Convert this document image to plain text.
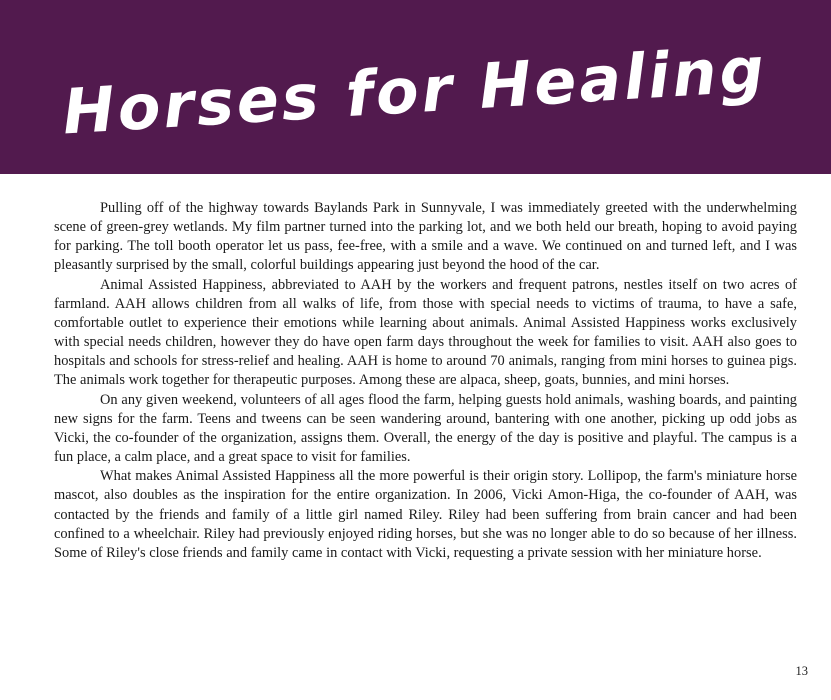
Horses for Healing

Pulling off of the highway towards Baylands Park in Sunnyvale, I was immediately greeted with the underwhelming scene of green-grey wetlands. My film partner turned into the parking lot, and we both held our breath, hoping to avoid paying for parking. The toll booth operator let us pass, fee-free, with a smile and a wave. We continued on and turned left, and I was pleasantly surprised by the small, colorful buildings appearing just beyond the hood of the car.

Animal Assisted Happiness, abbreviated to AAH by the workers and frequent patrons, nestles itself on two acres of farmland. AAH allows children from all walks of life, from those with special needs to victims of trauma, to have a safe, comfortable outlet to experience their emotions while learning about animals. Animal Assisted Happiness works exclusively with special needs children, however they do have open farm days throughout the week for families to visit. AAH also goes to hospitals and schools for stress-relief and healing. AAH is home to around 70 animals, ranging from mini horses to guinea pigs. The animals work together for therapeutic purposes. Among these are alpaca, sheep, goats, bunnies, and mini horses.

On any given weekend, volunteers of all ages flood the farm, helping guests hold animals, washing boards, and painting new signs for the farm. Teens and tweens can be seen wandering around, bantering with one another, picking up odd jobs as Vicki, the co-founder of the organization, assigns them. Overall, the energy of the day is positive and playful. The campus is a fun place, a calm place, and a great space to visit for families.

What makes Animal Assisted Happiness all the more powerful is their origin story. Lollipop, the farm's miniature horse mascot, also doubles as the inspiration for the entire organization. In 2006, Vicki Amon-Higa, the co-founder of AAH, was contacted by the friends and family of a little girl named Riley. Riley had been suffering from brain cancer and had been confined to a wheelchair. Riley had previously enjoyed riding horses, but she was no longer able to do so because of her illness. Some of Riley's close friends and family came in contact with Vicki, requesting a private session with her miniature horse.

13
